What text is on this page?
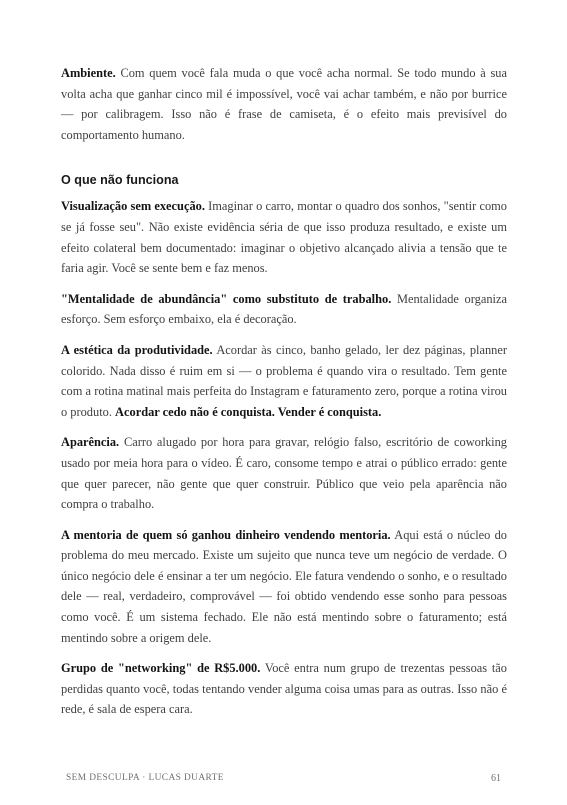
Ambiente. Com quem você fala muda o que você acha normal. Se todo mundo à sua volta acha que ganhar cinco mil é impossível, você vai achar também, e não por burrice — por calibragem. Isso não é frase de camiseta, é o efeito mais previsível do comportamento humano.

O que não funciona

Visualização sem execução. Imaginar o carro, montar o quadro dos sonhos, "sentir como se já fosse seu". Não existe evidência séria de que isso produza resultado, e existe um efeito colateral bem documentado: imaginar o objetivo alcançado alivia a tensão que te faria agir. Você se sente bem e faz menos.

"Mentalidade de abundância" como substituto de trabalho. Mentalidade organiza esforço. Sem esforço embaixo, ela é decoração.

A estética da produtividade. Acordar às cinco, banho gelado, ler dez páginas, planner colorido. Nada disso é ruim em si — o problema é quando vira o resultado. Tem gente com a rotina matinal mais perfeita do Instagram e faturamento zero, porque a rotina virou o produto. Acordar cedo não é conquista. Vender é conquista.

Aparência. Carro alugado por hora para gravar, relógio falso, escritório de coworking usado por meia hora para o vídeo. É caro, consome tempo e atrai o público errado: gente que quer parecer, não gente que quer construir. Público que veio pela aparência não compra o trabalho.

A mentoria de quem só ganhou dinheiro vendendo mentoria. Aqui está o núcleo do problema do meu mercado. Existe um sujeito que nunca teve um negócio de verdade. O único negócio dele é ensinar a ter um negócio. Ele fatura vendendo o sonho, e o resultado dele — real, verdadeiro, comprovável — foi obtido vendendo esse sonho para pessoas como você. É um sistema fechado. Ele não está mentindo sobre o faturamento; está mentindo sobre a origem dele.

Grupo de "networking" de R$5.000. Você entra num grupo de trezentas pessoas tão perdidas quanto você, todas tentando vender alguma coisa umas para as outras. Isso não é rede, é sala de espera cara.

SEM DESCULPA · LUCAS DUARTE	61
